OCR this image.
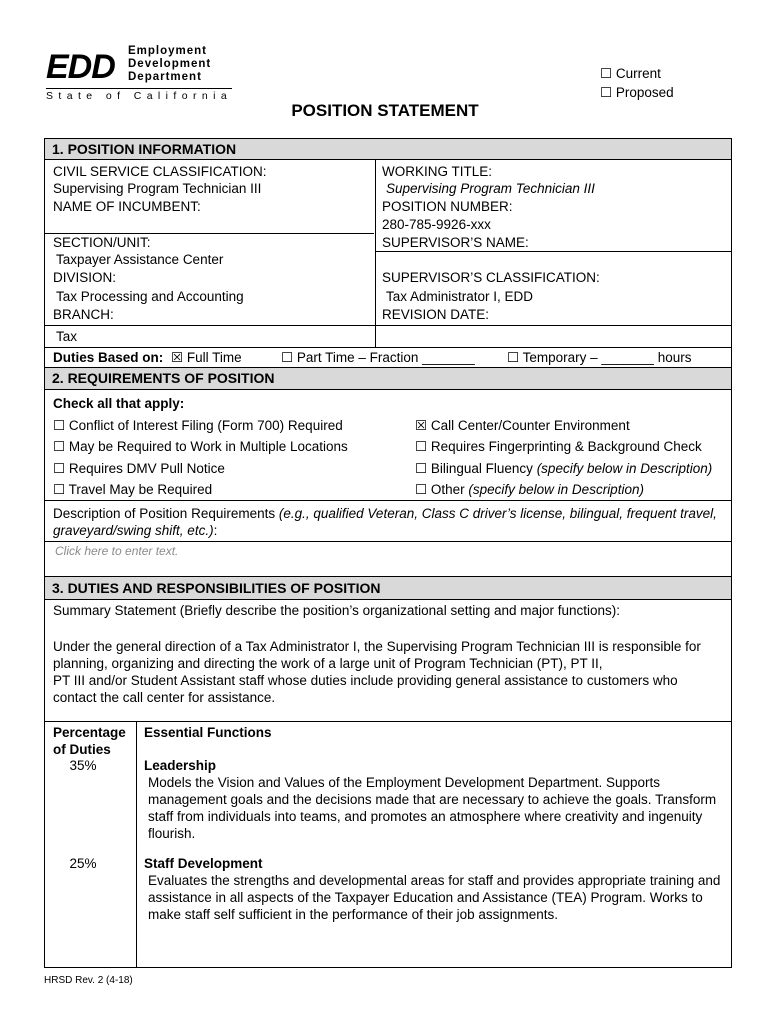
EDD Employment
Development
Department
State of California
☐ Current
☐ Proposed
POSITION STATEMENT
1. POSITION INFORMATION
CIVIL SERVICE CLASSIFICATION:
Supervising Program Technician III
NAME OF INCUMBENT:
SECTION/UNIT:
Taxpayer Assistance Center
DIVISION:
Tax Processing and Accounting
BRANCH:
Tax
WORKING TITLE:
Supervising Program Technician III
POSITION NUMBER:
280-785-9926-xxx
SUPERVISOR’S NAME:
SUPERVISOR’S CLASSIFICATION:
Tax Administrator I, EDD
REVISION DATE:
Duties Based on: ☒ Full Time	☐ Part Time – Fraction _______ ☐ Temporary – _______ hours
2. REQUIREMENTS OF POSITION
Check all that apply:
☐ Conflict of Interest Filing (Form 700) Required
☐ May be Required to Work in Multiple Locations
☐ Requires DMV Pull Notice
☐ Travel May be Required
☒ Call Center/Counter Environment
☐ Requires Fingerprinting & Background Check
☐ Bilingual Fluency (specify below in Description)
☐ Other (specify below in Description)
Description of Position Requirements (e.g., qualified Veteran, Class C driver’s license, bilingual, frequent travel, graveyard/swing shift, etc.):
Click here to enter text.
3. DUTIES AND RESPONSIBILITIES OF POSITION
Summary Statement (Briefly describe the position’s organizational setting and major functions):
Under the general direction of a Tax Administrator I, the Supervising Program Technician III is responsible for planning, organizing and directing the work of a large unit of Program Technician (PT), PT II,
PT III and/or Student Assistant staff whose duties include providing general assistance to customers who contact the call center for assistance.
Percentage of Duties
Essential Functions
35%	Leadership
Models the Vision and Values of the Employment Development Department. Supports management goals and the decisions made that are necessary to achieve the goals. Transform staff from individuals into teams, and promotes an atmosphere where creativity and ingenuity flourish.
25%	Staff Development
Evaluates the strengths and developmental areas for staff and provides appropriate training and assistance in all aspects of the Taxpayer Education and Assistance (TEA) Program. Works to make staff self sufficient in the performance of their job assignments.
HRSD Rev. 2 (4-18)
